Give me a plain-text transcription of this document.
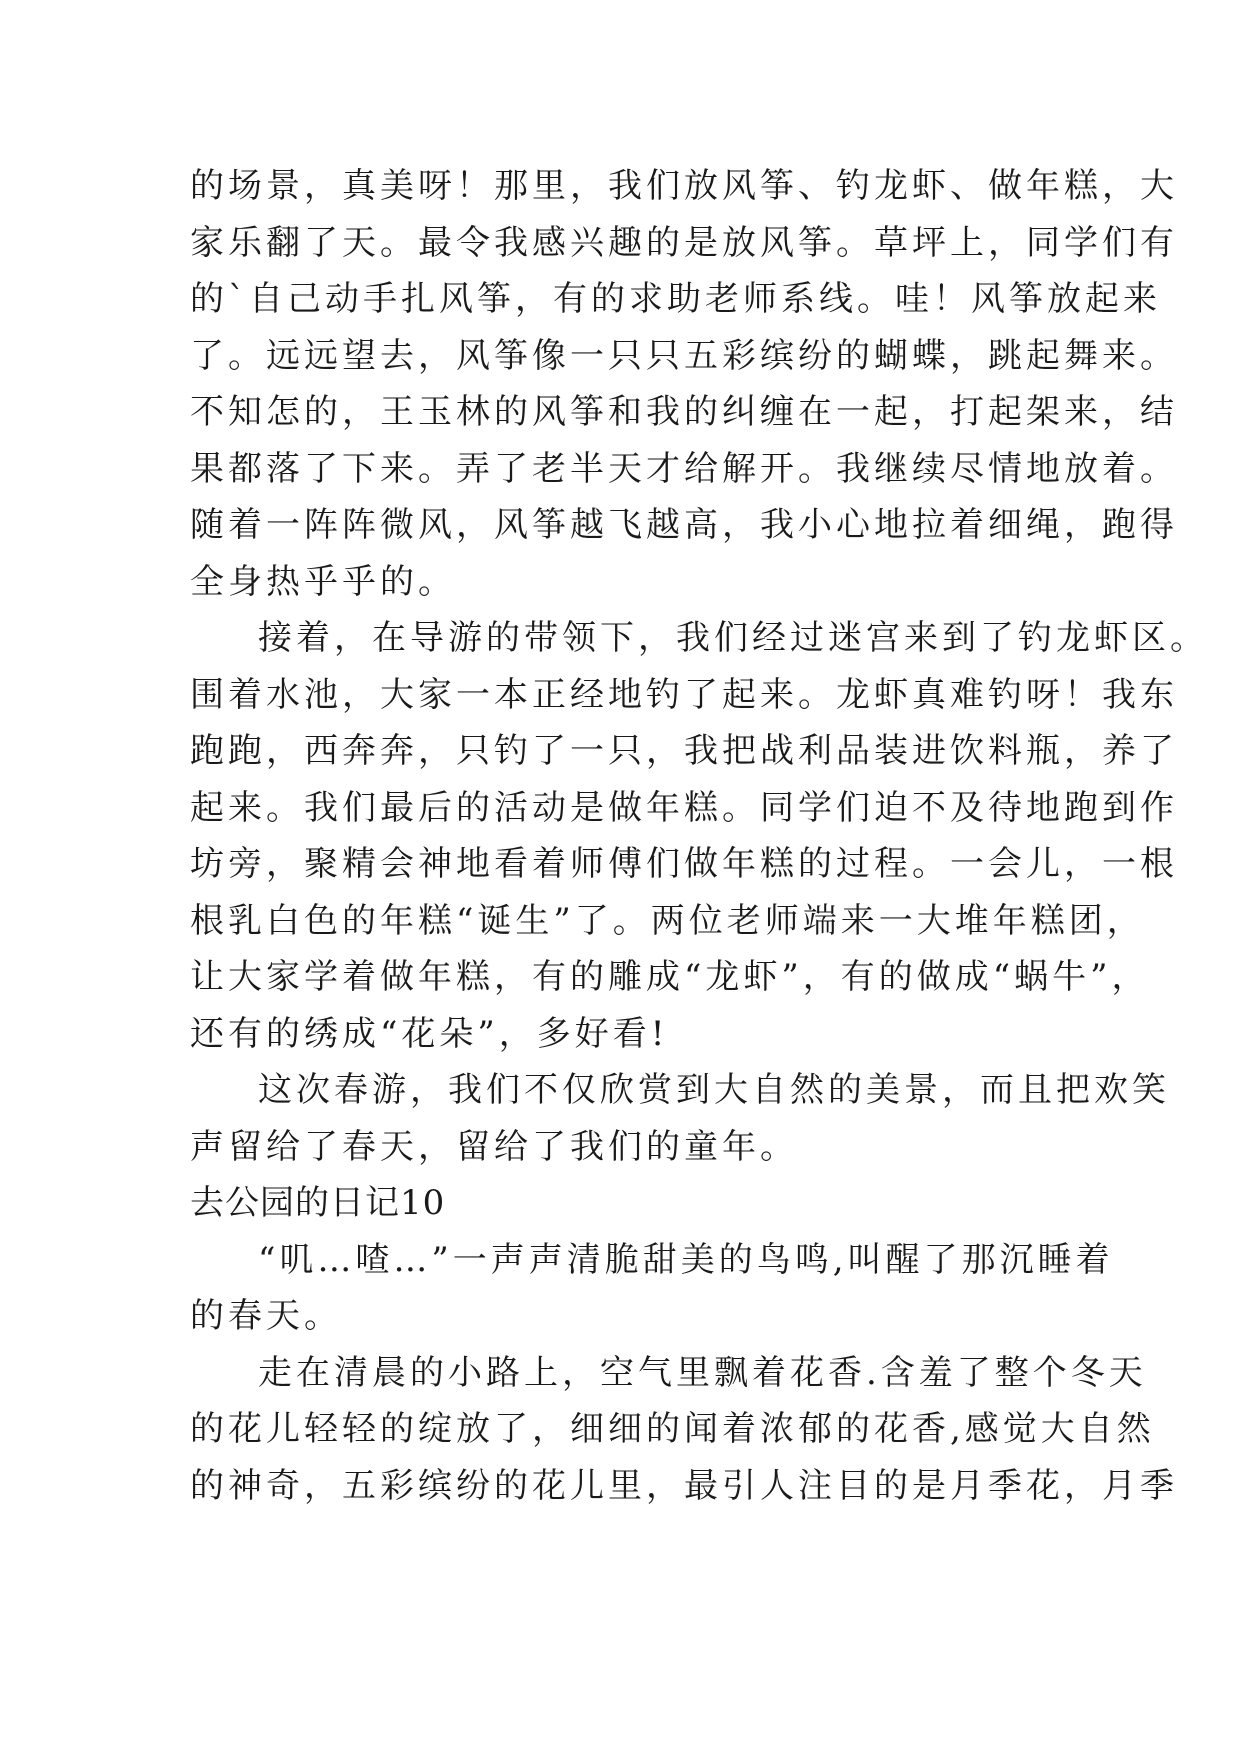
的场景，真美呀！那里，我们放风筝、钓龙虾、做年糕，大
家乐翻了天。最令我感兴趣的是放风筝。草坪上，同学们有
的`自己动手扎风筝，有的求助老师系线。哇！风筝放起来
了。远远望去，风筝像一只只五彩缤纷的蝴蝶，跳起舞来。
不知怎的，王玉林的风筝和我的纠缠在一起，打起架来，结
果都落了下来。弄了老半天才给解开。我继续尽情地放着。
随着一阵阵微风，风筝越飞越高，我小心地拉着细绳，跑得
全身热乎乎的。
接着，在导游的带领下，我们经过迷宫来到了钓龙虾区。
围着水池，大家一本正经地钓了起来。龙虾真难钓呀！我东
跑跑，西奔奔，只钓了一只，我把战利品装进饮料瓶，养了
起来。我们最后的活动是做年糕。同学们迫不及待地跑到作
坊旁，聚精会神地看着师傅们做年糕的过程。一会儿，一根
根乳白色的年糕“诞生”了。两位老师端来一大堆年糕团，
让大家学着做年糕，有的雕成“龙虾”，有的做成“蜗牛”，
还有的绣成“花朵”，多好看!
这次春游，我们不仅欣赏到大自然的美景，而且把欢笑
声留给了春天，留给了我们的童年。
去公园的日记10
“叽…喳…”一声声清脆甜美的鸟鸣,叫醒了那沉睡着
的春天。
走在清晨的小路上，空气里飘着花香.含羞了整个冬天
的花儿轻轻的绽放了，细细的闻着浓郁的花香,感觉大自然
的神奇，五彩缤纷的花儿里，最引人注目的是月季花，月季
